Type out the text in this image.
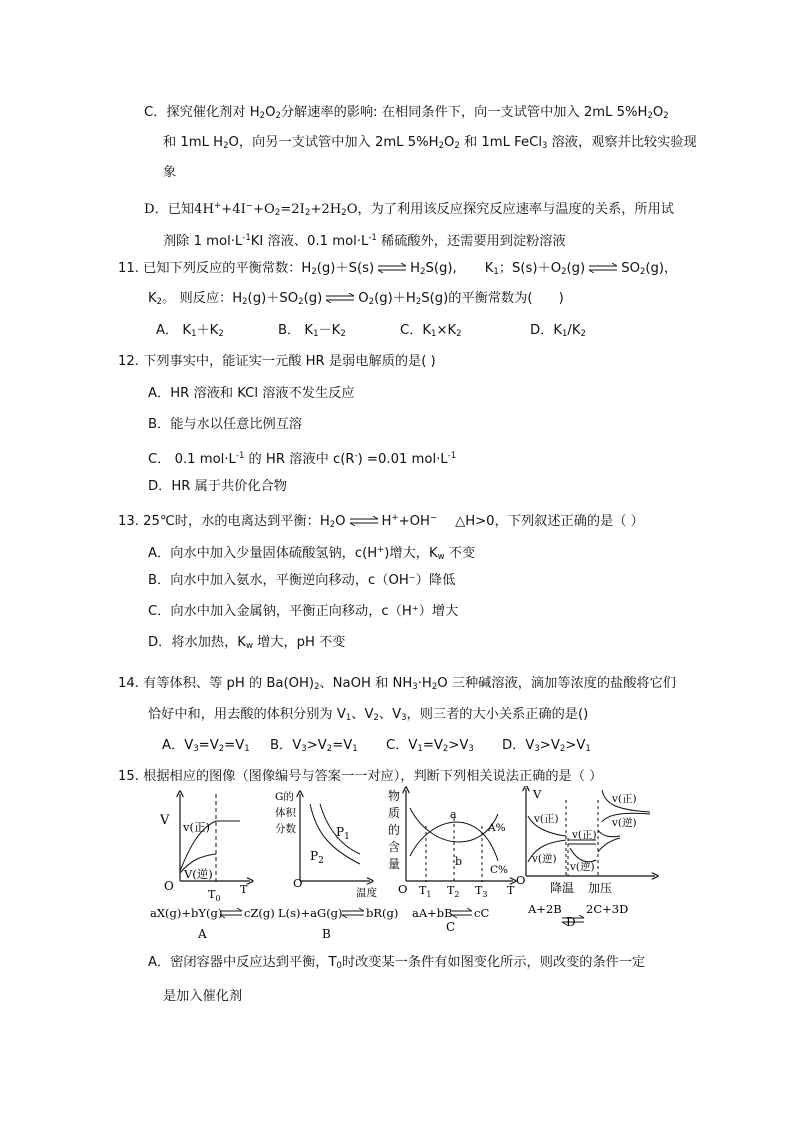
C．探究催化剂对 $H_2O_2$分解速率的影响: 在相同条件下，向一支试管中加入 2mL $5\%H_2O_2$
和 1mL $H_2O$，向另一支试管中加入 2mL $5\%H_2O_2$ 和 1mL FeCl$_3$ 溶液，观察并比较实验现
象
D．已知$4H^++4I^-+O_2=2I_2+2H_2O$，为了利用该反应探究反应速率与温度的关系，所用试
剂除 1 $mol\cdot L^{-1}KI$ 溶液、0.1 $mol\cdot L^{-1}$ 稀硫酸外，还需要用到淀粉溶液
11. 已知下列反应的平衡常数：$H_2(g)+S(s)$ ⇌ $H_2S(g)$, $K_1$；$S(s)+O_2(g)$ ⇌ $SO_2(g)$，
$K_2$。 则反应：$H_2(g)+SO_2(g)$ ⇌ $O_2(g)+H_2S(g)$的平衡常数为( )
A． $K_1+K_2$	B． $K_1-K_2$	C．$K_1\times K_2$	D．$K_1/K_2$
12. 下列事实中，能证实一元酸 HR 是弱电解质的是( )
A．HR 溶液和 KCl 溶液不发生反应
B．能与水以任意比例互溶
C． 0.1 $mol\cdot L^{-1}$ 的 HR 溶液中 c(R-) =0.01 $mol\cdot L^{-1}$
D．HR 属于共价化合物
13. 25℃时，水的电离达到平衡：$H_2O$ ⇌ H++OH− △H>0，下列叙述正确的是（ ）
A．向水中加入少量固体硫酸氢钠，c(H+)增大，$K_w$ 不变
B．向水中加入氨水，平衡逆向移动，c（OH⁻）降低
C．向水中加入金属钠，平衡正向移动，c（H⁺）增大
D．将水加热，$K_w$ 增大，pH 不变
14. 有等体积、等 pH 的 $Ba(OH)_2$、NaOH 和 $NH_3\cdot H_2O$ 三种碱溶液，滴加等浓度的盐酸将它们
恰好中和，用去酸的体积分别为 $V_1$、$V_2$、$V_3$，则三者的大小关系正确的是()
A．$V_3=V_2=V_1$ B．$V_3>V_2=V_1$ C．$V_1=V_2>V_3$ D．$V_3>V_2>V_1$
15. 根据相应的图像（图像编号与答案一一对应），判断下列相关说法正确的是（ ）
V
O
v(正)
V(逆)
$T_0$
T
aX(g)+bY(g) cZ(g)
A
G的
体积
分数
O
$P_1$
$P_2$
温度
L(s)+aG(g) bR(g)
B
物
质
的
含
量
O
a
b
A%
C%
$T_1$ $T_2$ $T_3$ T
aA+bB cC
C
V
O
v(正)
v(逆)
v(正)
v(逆)
v(正)
v(逆)
降温 加压
A+2B 2C+3D
D
A．密闭容器中反应达到平衡，$T_0$时改变某一条件有如图变化所示，则改变的条件一定
是加入催化剂
